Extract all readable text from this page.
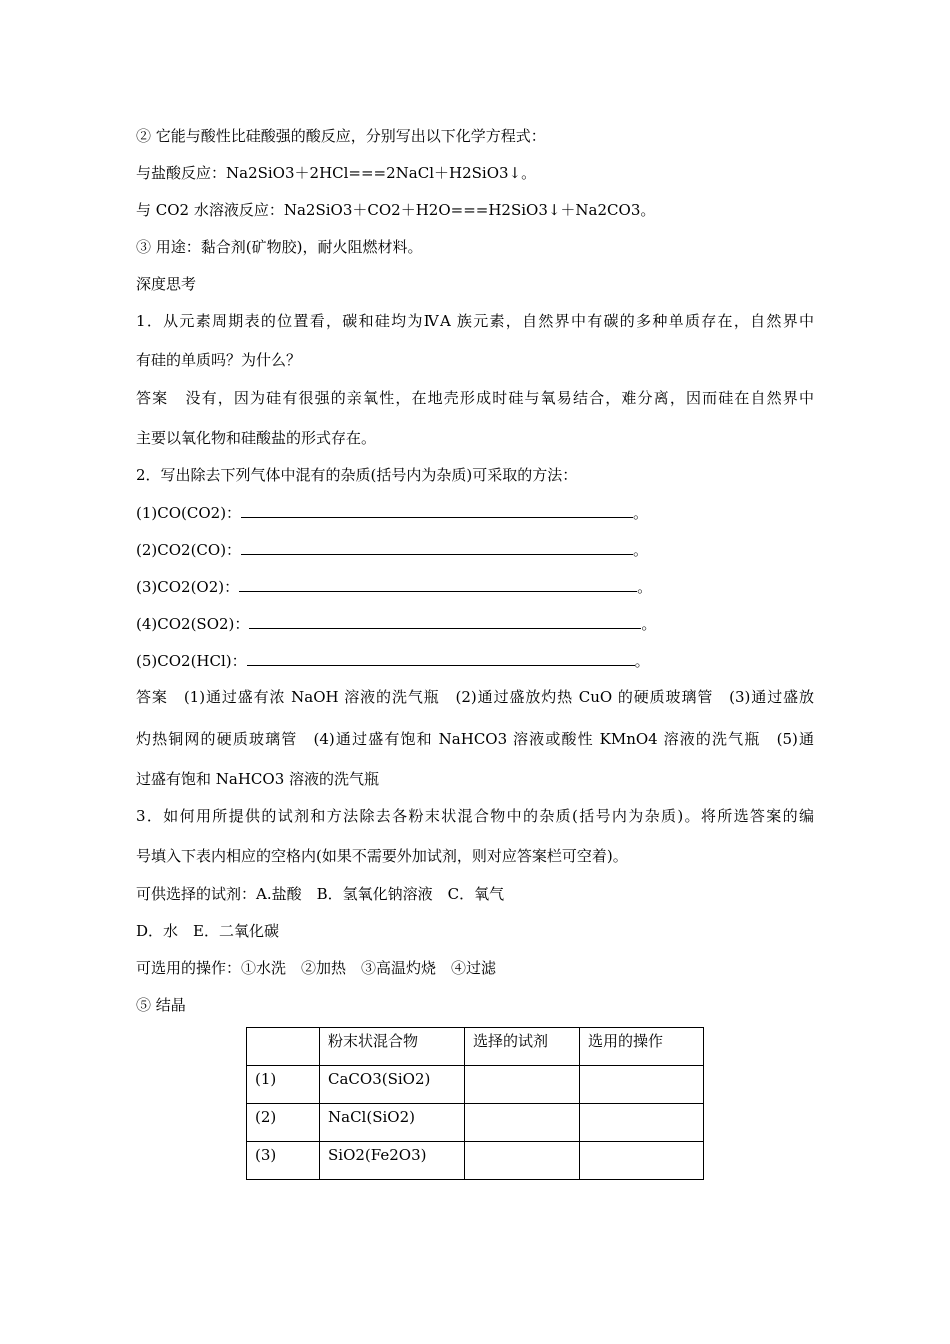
② 它能与酸性比硅酸强的酸反应，分别写出以下化学方程式：
与盐酸反应：Na2SiO3＋2HCl===2NaCl＋H2SiO3↓。
与 CO2 水溶液反应：Na2SiO3＋CO2＋H2O===H2SiO3↓＋Na2CO3。
③ 用途：黏合剂(矿物胶)，耐火阻燃材料。
深度思考
1．从元素周期表的位置看，碳和硅均为ⅣA 族元素，自然界中有碳的多种单质存在，自然界中
有硅的单质吗？为什么？
答案 没有，因为硅有很强的亲氧性，在地壳形成时硅与氧易结合，难分离，因而硅在自然界中
主要以氧化物和硅酸盐的形式存在。
2．写出除去下列气体中混有的杂质(括号内为杂质)可采取的方法：
(1)CO(CO2)：	。
(2)CO2(CO)：	。
(3)CO2(O2)：	。
(4)CO2(SO2)：	。
(5)CO2(HCl)：	。
答案 (1)通过盛有浓 NaOH 溶液的洗气瓶　(2)通过盛放灼热 CuO 的硬质玻璃管　(3)通过盛放
灼热铜网的硬质玻璃管　(4)通过盛有饱和 NaHCO3 溶液或酸性 KMnO4 溶液的洗气瓶　(5)通
过盛有饱和 NaHCO3 溶液的洗气瓶
3．如何用所提供的试剂和方法除去各粉末状混合物中的杂质(括号内为杂质)。将所选答案的编
号填入下表内相应的空格内(如果不需要外加试剂，则对应答案栏可空着)。
可供选择的试剂：A.盐酸　B．氢氧化钠溶液　C．氧气
D．水　E．二氧化碳
可选用的操作：①水洗　②加热　③高温灼烧　④过滤
⑤ 结晶
	粉末状混合物	选择的试剂	选用的操作
(1)	CaCO3(SiO2)		
(2)	NaCl(SiO2)		
(3)	SiO2(Fe2O3)		
